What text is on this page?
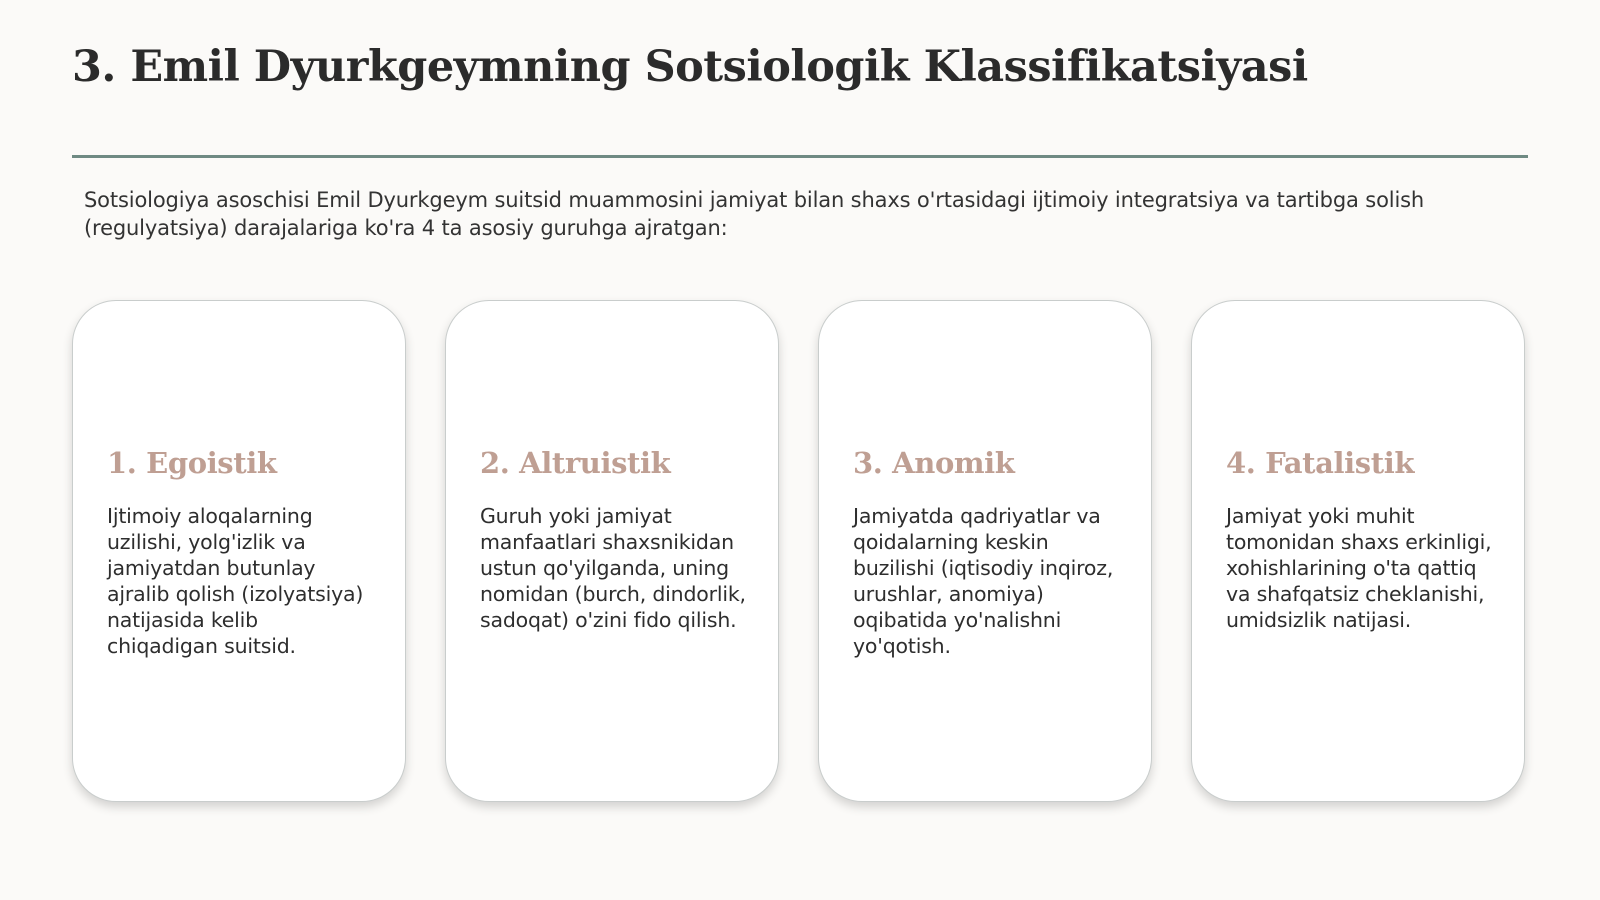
3. Emil Dyurkgeymning Sotsiologik Klassifikatsiyasi

Sotsiologiya asoschisi Emil Dyurkgeym suitsid muammosini jamiyat bilan shaxs o'rtasidagi ijtimoiy integratsiya va tartibga solish (regulyatsiya) darajalariga ko'ra 4 ta asosiy guruhga ajratgan:

1. Egoistik

Ijtimoiy aloqalarning uzilishi, yolg'izlik va jamiyatdan butunlay ajralib qolish (izolyatsiya) natijasida kelib chiqadigan suitsid.

2. Altruistik

Guruh yoki jamiyat manfaatlari shaxsnikidan ustun qo'yilganda, uning nomidan (burch, dindorlik, sadoqat) o'zini fido qilish.

3. Anomik

Jamiyatda qadriyatlar va qoidalarning keskin buzilishi (iqtisodiy inqiroz, urushlar, anomiya) oqibatida yo'nalishni yo'qotish.

4. Fatalistik

Jamiyat yoki muhit tomonidan shaxs erkinligi, xohishlarining o'ta qattiq va shafqatsiz cheklanishi, umidsizlik natijasi.
